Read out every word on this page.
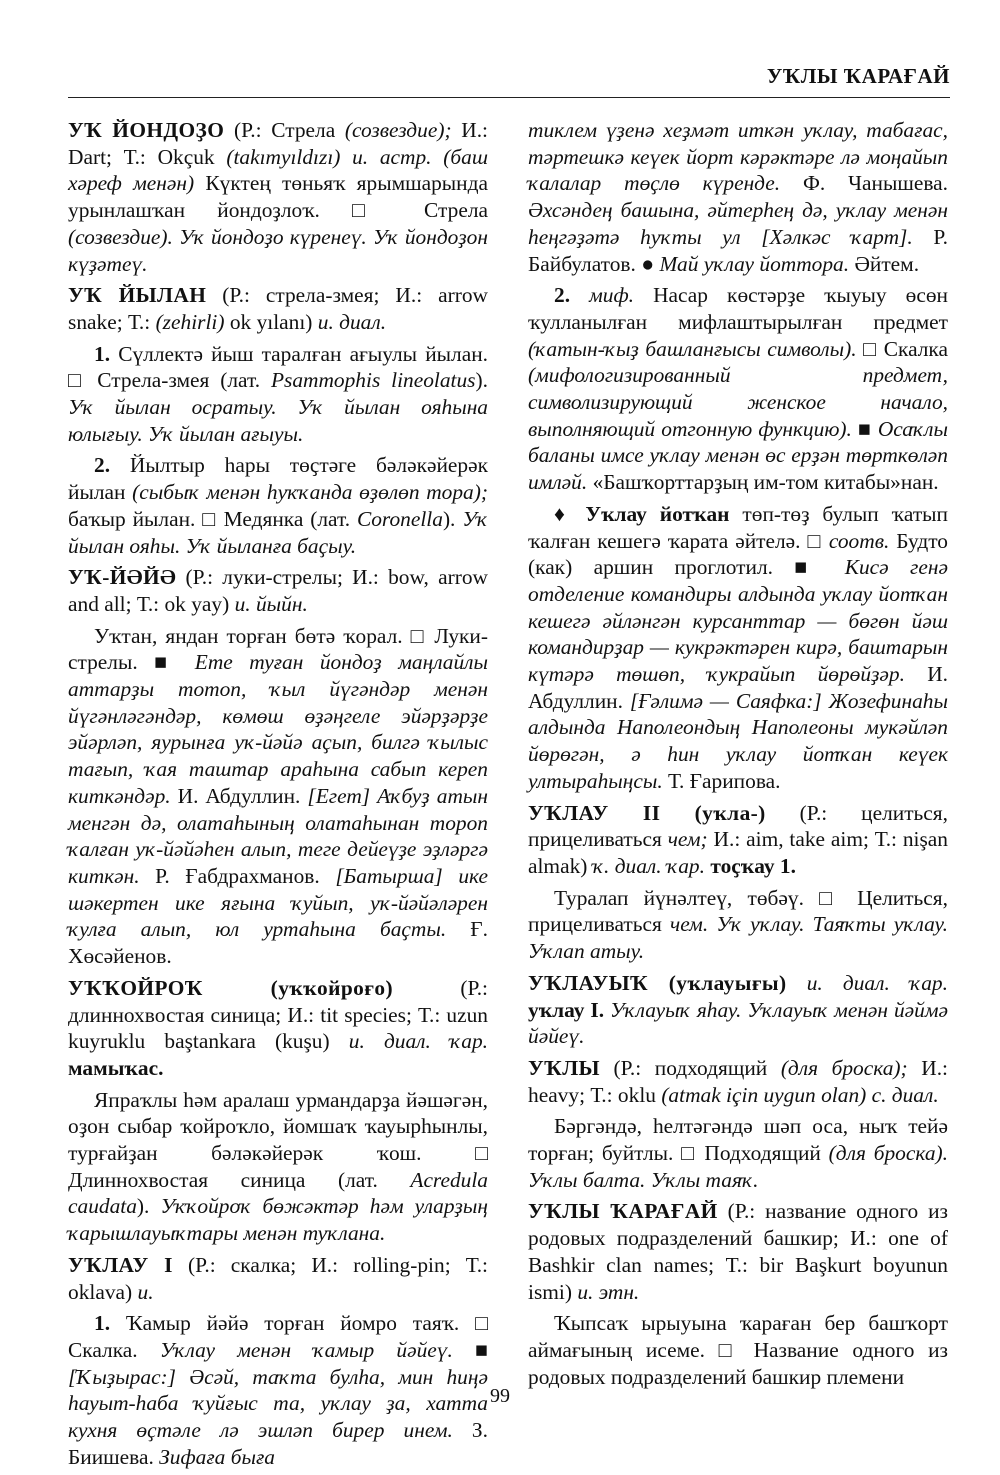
УҠЛЫ ҠАРАҒАЙ

УҠ ЙОНДОҘО (Р.: Стрела (созвездие); И.: Dart; Т.: Okçuk (takımyıldızı) и. астр. (баш хәреф менән) Күктең төньяҡ ярымшарында урынлашҡан йондоҙлоҡ. □ Стрела (созвездие). Уҡ йондоҙо күренеү. Уҡ йондоҙон күҙәтеү.

УҠ ЙЫЛАН (Р.: стрела-змея; И.: arrow snake; Т.: (zehirli) ok yılanı) и. диал.

1. Сүллектә йыш таралған ағыулы йылан. □ Стрела-змея (лат. Psammophis lineolatus). Уҡ йылан осратыу. Уҡ йылан ояһына юлығыу. Уҡ йылан ағыуы.

2. Йылтыр һары төҫтәге бәләкәйерәк йылан (сыбыҡ менән һуҡҡанда өҙөлөп тора); баҡыр йылан. □ Медянка (лат. Coronella). Уҡ йылан ояһы. Уҡ йыланға баҫыу.

УҠ-ЙӘЙӘ (Р.: луки-стрелы; И.: bow, arrow and all; Т.: ok yay) и. йыйн.

Уҡтан, яндан торған бөтә ҡорал. □ Луки-стрелы. ■ Ете туған йондоҙ маңлайлы аттарҙы тотоп, ҡыл йүгәндәр менән йүгәнләгәндәр, көмөш өҙәңгеле эйәрҙәрҙе эйәрләп, яурынға уҡ-йәйә аҫып, билгә ҡылыс тағып, ҡая таштар араһына сабып кереп киткәндәр. И. Абдуллин. [Егет] Аҡбуҙ атын менгән дә, олатаһының олатаһынан тороп ҡалған уҡ-йәйәһен алып, теге дейеүҙе эҙләргә киткән. Р. Ғабдрахманов. [Батырша] ике шәкертен ике яғына ҡуйып, уҡ-йәйәләрен ҡулға алып, юл уртаһына баҫты. Ғ. Хөсәйенов.

УҠҠОЙРОҠ (уҡҡойроғо) (Р.: длиннохвостая синица; И.: tit species; Т.: uzun kuyruklu baştankara (kuşu) и. диал. ҡар. мамыҡас.

Япраҡлы һәм аралаш урмандарҙа йәшәгән, оҙон сыбар ҡойроҡло, йомшаҡ ҡауырһынлы, турғайҙан бәләкәйерәк ҡош. □ Длиннохвостая синица (лат. Acredula caudata). Уҡҡойроҡ бөжәктәр һәм уларҙың ҡарышлауыҡтары менән туҡлана.

УҠЛАУ I (Р.: скалка; И.: rolling-pin; Т.: oklava) и.

1. Ҡамыр йәйә торған йомро таяҡ. □ Скалка. Уҡлау менән ҡамыр йәйеү. ■ [Ҡыҙырас:] Әсәй, таҡта булһа, мин һиңә һауыт-һаба ҡуйғыс та, уҡлау ҙа, хатта кухня өҫтәле лә эшләп бирер инем. З. Биишева. Зифаға быға

тиклем үҙенә хеҙмәт иткән уҡлау, табағас, тәртешкә кеүек йорт кәрәктәре лә моңайып ҡалалар төҫлө күренде. Ф. Чанышева. Әхсәндең башына, әйтерһең дә, уҡлау менән һеңгәҙәтә һуҡты ул [Хәлкәс ҡарт]. Р. Байбулатов. ● Май уҡлау йоттора. Әйтем.

2. миф. Насар көстәрҙе ҡыуыу өсөн ҡулланылған мифлаштырылған предмет (ҡатын-ҡыҙ башланғысы символы). □ Скалка (мифологизированный предмет, символизирующий женское начало, выполняющий отгонную функцию). ■ Осаҡлы баланы имсе уҡлау менән өс ерҙән төрткөләп имләй. «Башҡорттарҙың им-том китабы»нан.

♦ Уҡлау йотҡан төп-төҙ булып ҡатып ҡалған кешегә ҡарата әйтелә. □ соотв. Будто (как) аршин проглотил. ■ Кисә генә отделение командиры алдында уҡлау йотҡан кешегә әйләнгән курсанттар — бөгөн йәш командирҙар — кукрәктәрен кирә, баштарын күтәрә төшөп, ҡукрайып йөрөйҙәр. И. Абдуллин. [Ғәлимә — Саяфка:] Жозефинаһы алдында Наполеондың Наполеоны мукәйләп йөрөгән, ә һин уҡлау йотҡан кеүек ултыраһыңсы. Т. Ғарипова.

УҠЛАУ II (уҡла-) (Р.: целиться, прицеливаться чем; И.: aim, take aim; Т.: nişan almak) ҡ. диал. ҡар. тоҫҡау 1.

Туралап йүнәлтеү, төбәү. □ Целиться, прицеливаться чем. Уҡ уҡлау. Таяҡты уҡлау. Уҡлап атыу.

УҠЛАУЫҠ (уҡлауығы) и. диал. ҡар. уҡлау I. Уҡлауыҡ яһау. Уҡлауыҡ менән йәймә йәйеү.

УҠЛЫ (Р.: подходящий (для броска); И.: heavy; Т.: oklu (atmak için uygun olan) с. диал.

Бәргәндә, һелтәгәндә шәп оса, ныҡ тейә торған; буйтлы. □ Подходящий (для броска). Уҡлы балта. Уҡлы таяҡ.

УҠЛЫ ҠАРАҒАЙ (Р.: название одного из родовых подразделений башкир; И.: one of Bashkir clan names; Т.: bir Başkurt boyunun ismi) и. этн.

Ҡыпсаҡ ырыуына ҡараған бер башҡорт аймағының исеме. □ Название одного из родовых подразделений башкир племени

99
